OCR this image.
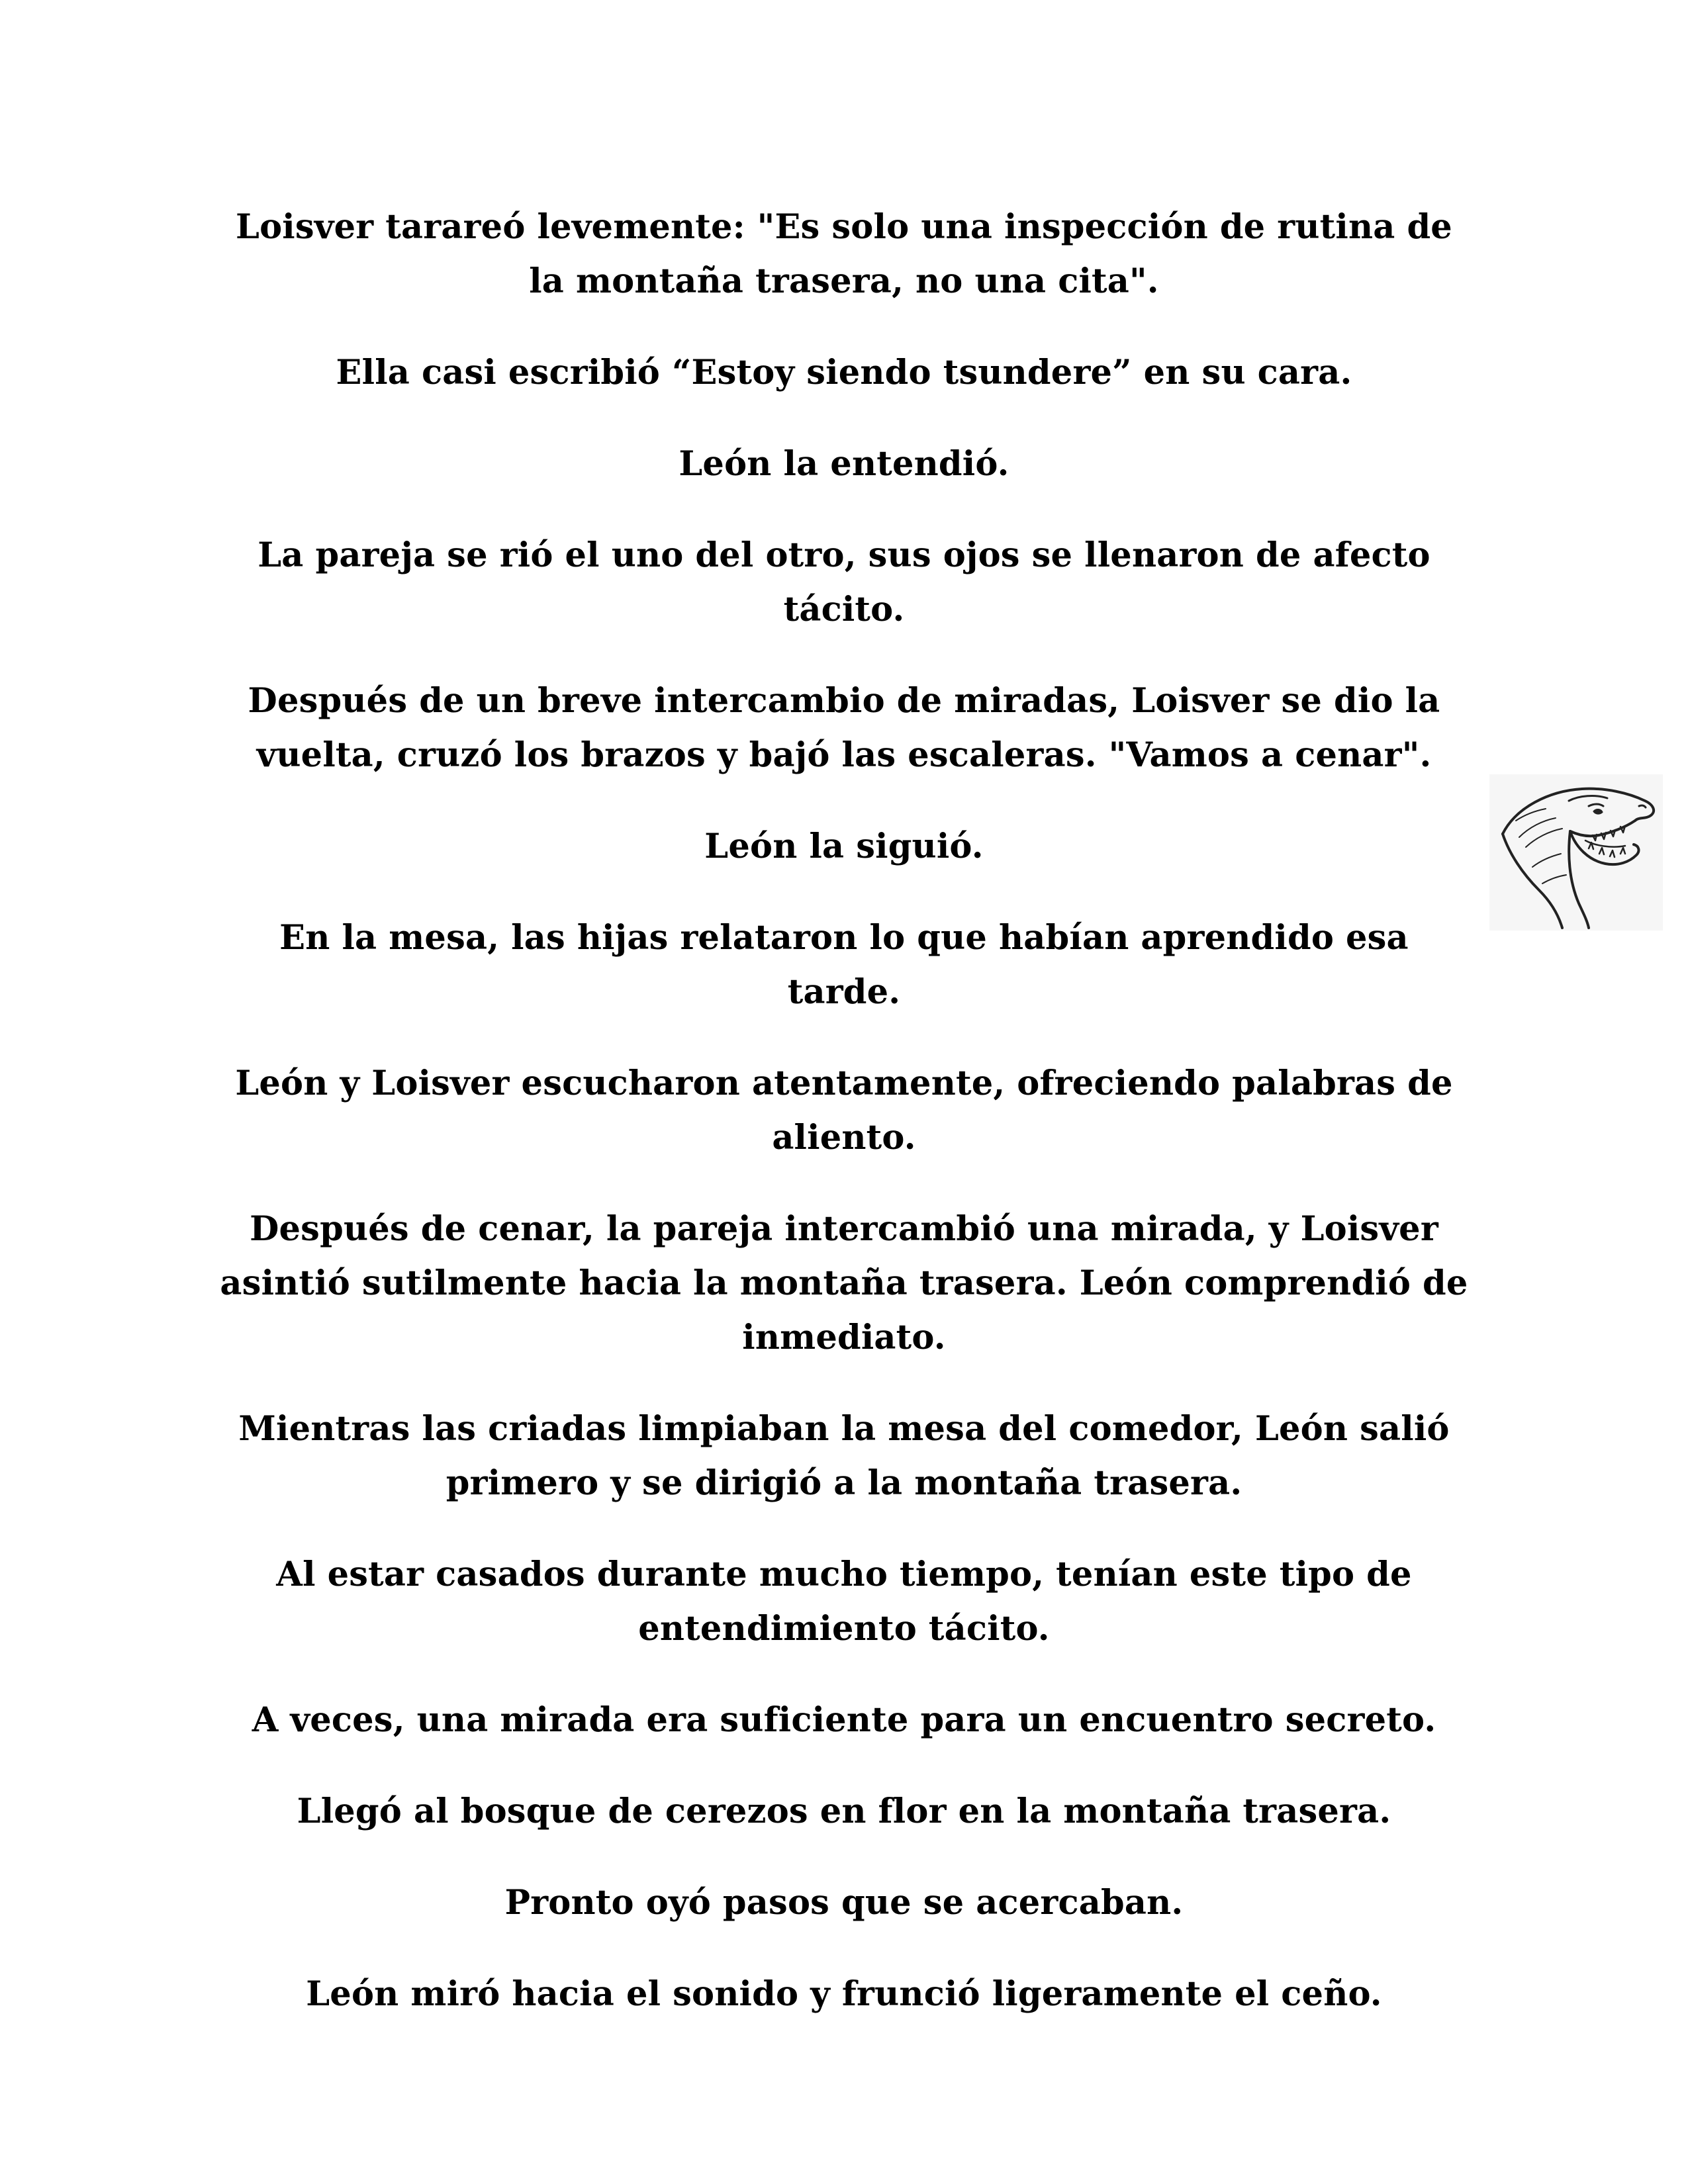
Loisver tarareó levemente: "Es solo una inspección de rutina de la montaña trasera, no una cita".

Ella casi escribió “Estoy siendo tsundere” en su cara.

León la entendió.

La pareja se rió el uno del otro, sus ojos se llenaron de afecto tácito.

Después de un breve intercambio de miradas, Loisver se dio la vuelta, cruzó los brazos y bajó las escaleras. "Vamos a cenar".

León la siguió.

En la mesa, las hijas relataron lo que habían aprendido esa tarde.

León y Loisver escucharon atentamente, ofreciendo palabras de aliento.

Después de cenar, la pareja intercambió una mirada, y Loisver asintió sutilmente hacia la montaña trasera. León comprendió de inmediato.

Mientras las criadas limpiaban la mesa del comedor, León salió primero y se dirigió a la montaña trasera.

Al estar casados durante mucho tiempo, tenían este tipo de entendimiento tácito.

A veces, una mirada era suficiente para un encuentro secreto.

Llegó al bosque de cerezos en flor en la montaña trasera.

Pronto oyó pasos que se acercaban.

León miró hacia el sonido y frunció ligeramente el ceño.
